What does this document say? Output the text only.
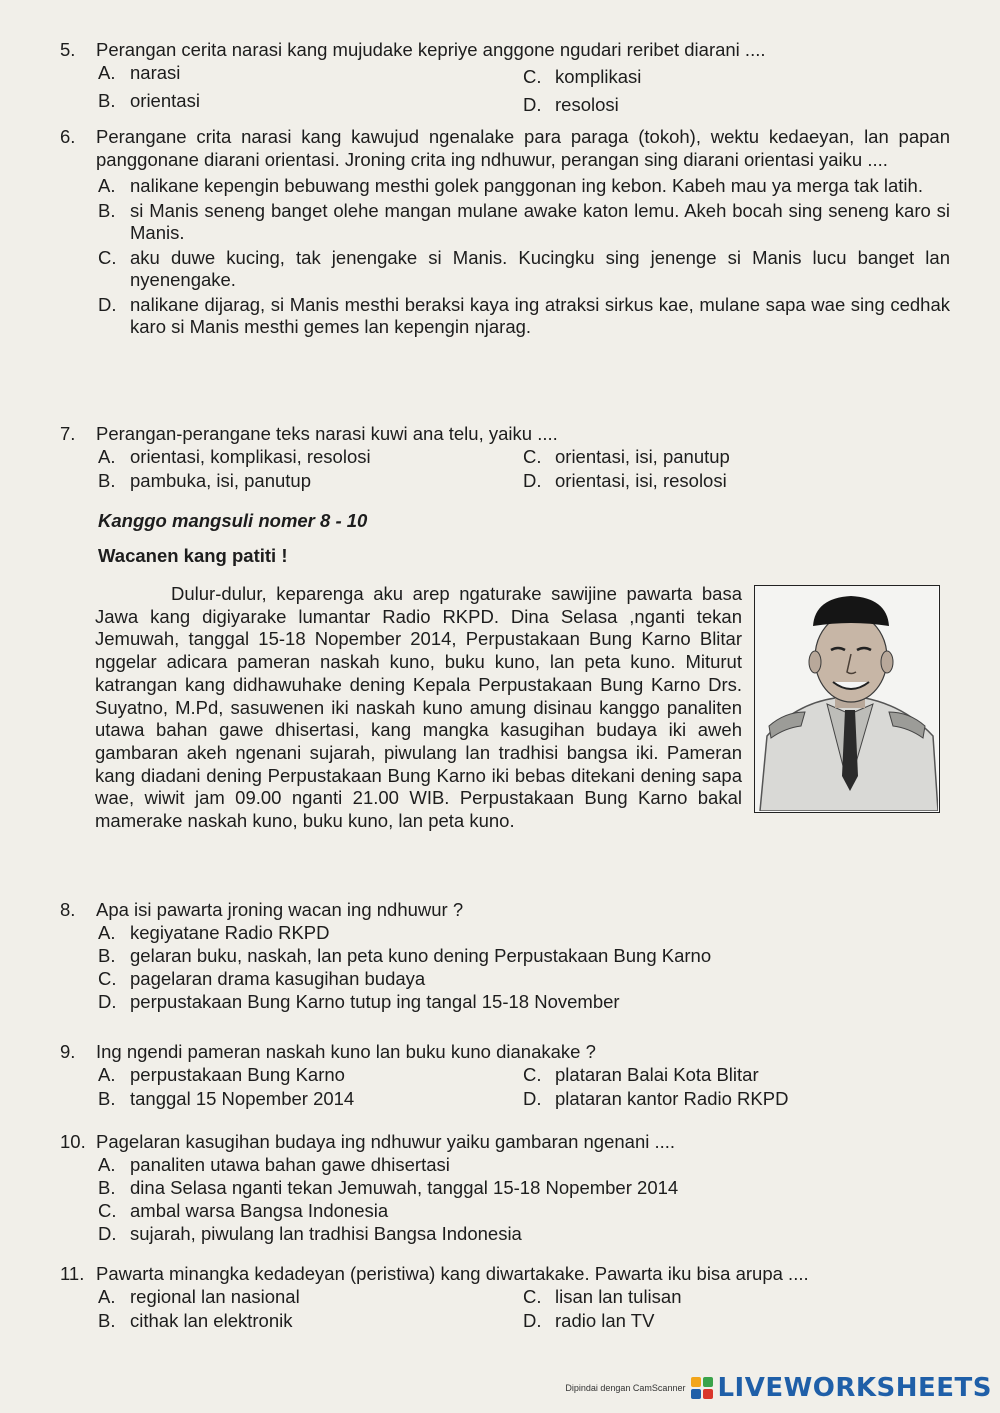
5.	Perangan cerita narasi kang mujudake kepriye anggone ngudari reribet diarani ....
A. narasi	C. komplikasi
B. orientasi	D. resolosi
6.	Perangane crita narasi kang kawujud ngenalake para paraga (tokoh), wektu kedaeyan, lan papan panggonane diarani orientasi. Jroning crita ing ndhuwur, perangan sing diarani orientasi yaiku ....
A. nalikane kepengin bebuwang mesthi golek panggonan ing kebon. Kabeh mau ya merga tak latih.
B. si Manis seneng banget olehe mangan mulane awake katon lemu. Akeh bocah sing seneng karo si Manis.
C. aku duwe kucing, tak jenengake si Manis. Kucingku sing jenenge si Manis lucu banget lan nyenengake.
D. nalikane dijarag, si Manis mesthi beraksi kaya ing atraksi sirkus kae, mulane sapa wae sing cedhak karo si Manis mesthi gemes lan kepengin njarag.
7.	Perangan-perangane teks narasi kuwi ana telu, yaiku ....
A. orientasi, komplikasi, resolosi	C. orientasi, isi, panutup
B. pambuka, isi, panutup	D. orientasi, isi, resolosi
Kanggo mangsuli nomer 8 - 10
Wacanen kang patiti !

Dulur-dulur, keparenga aku arep ngaturake sawijine pawarta basa Jawa kang digiyarake lumantar Radio RKPD. Dina Selasa ,nganti tekan Jemuwah, tanggal 15-18 Nopember 2014, Perpustakaan Bung Karno Blitar nggelar adicara pameran naskah kuno, buku kuno, lan peta kuno. Miturut katrangan kang didhawuhake dening Kepala Perpustakaan Bung Karno Drs. Suyatno, M.Pd, sasuwenen iki naskah kuno amung disinau kanggo panaliten utawa bahan gawe dhisertasi, kang mangka kasugihan budaya iki aweh gambaran akeh ngenani sujarah, piwulang lan tradhisi bangsa iki. Pameran kang diadani dening Perpustakaan Bung Karno iki bebas ditekani dening sapa wae, wiwit jam 09.00 nganti 21.00 WIB. Perpustakaan Bung Karno bakal mamerake naskah kuno, buku kuno, lan peta kuno.

8.	Apa isi pawarta jroning wacan ing ndhuwur ?
A. kegiyatane Radio RKPD
B. gelaran buku, naskah, lan peta kuno dening Perpustakaan Bung Karno
C. pagelaran drama kasugihan budaya
D. perpustakaan Bung Karno tutup ing tangal 15-18 November
9.	Ing ngendi pameran naskah kuno lan buku kuno dianakake ?
A. perpustakaan Bung Karno	C. plataran Balai Kota Blitar
B. tanggal 15 Nopember 2014	D. plataran kantor Radio RKPD
10. Pagelaran kasugihan budaya ing ndhuwur yaiku gambaran ngenani ....
A. panaliten utawa bahan gawe dhisertasi
B. dina Selasa nganti tekan Jemuwah, tanggal 15-18 Nopember 2014
C. ambal warsa Bangsa Indonesia
D. sujarah, piwulang lan tradhisi Bangsa Indonesia
11. Pawarta minangka kedadeyan (peristiwa) kang diwartakake. Pawarta iku bisa arupa ....
A. regional lan nasional	C. lisan lan tulisan
B. cithak lan elektronik	D. radio lan TV
Dipindai dengan CamScanner LIVEWORKSHEETS
